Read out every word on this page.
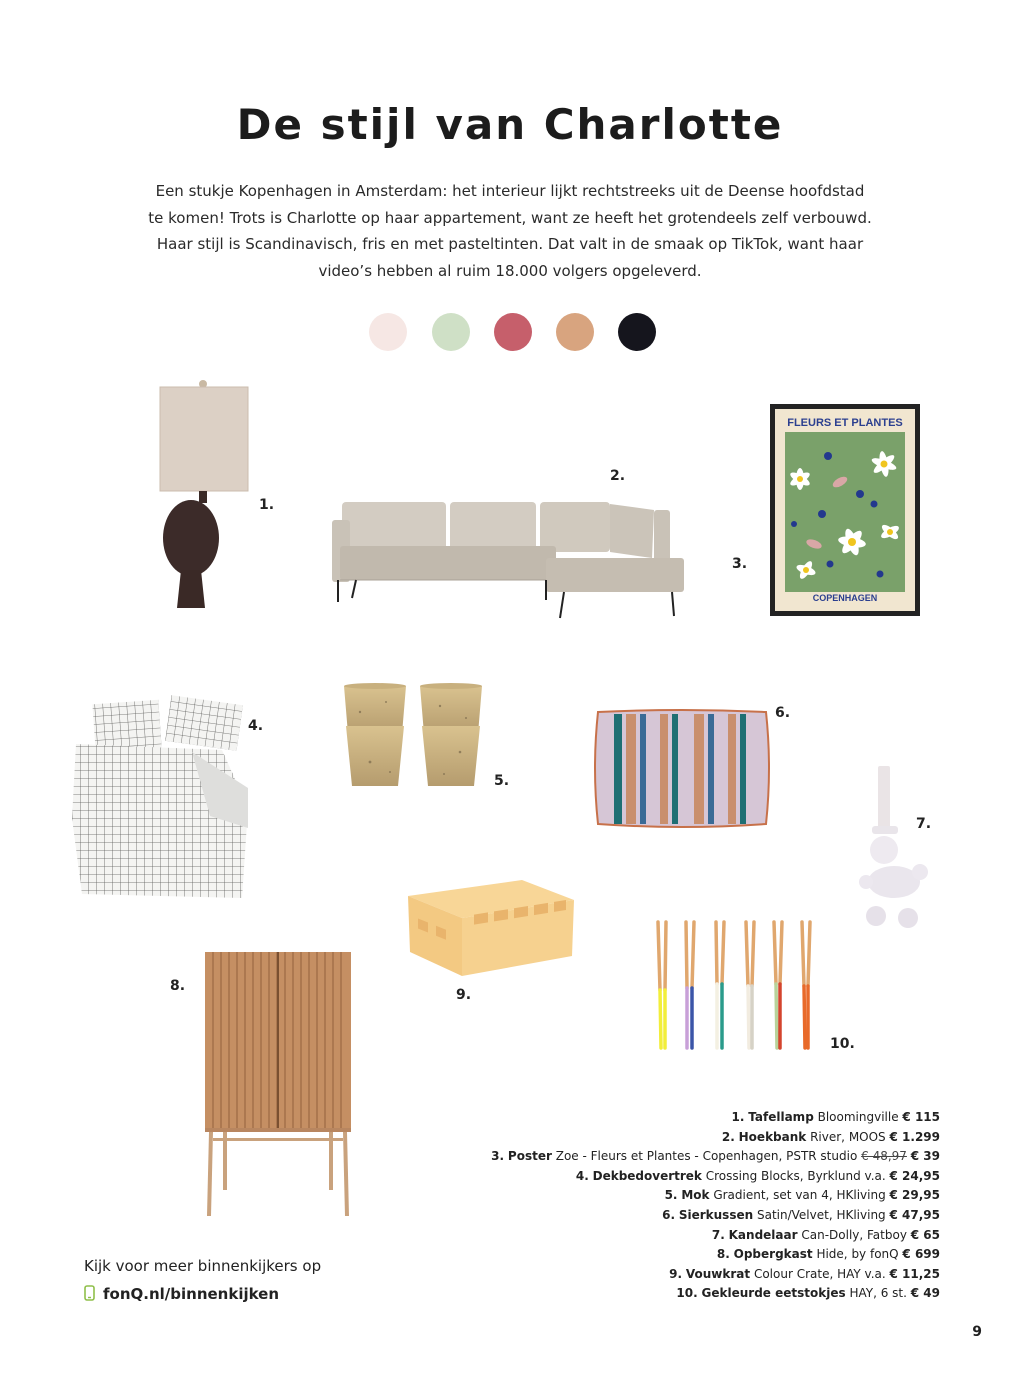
De stijl van Charlotte
Een stukje Kopenhagen in Amsterdam: het interieur lijkt rechtstreeks uit de Deense hoofdstad
te komen! Trots is Charlotte op haar appartement, want ze heeft het grotendeels zelf verbouwd.
Haar stijl is Scandinavisch, fris en met pasteltinten. Dat valt in de smaak op TikTok, want haar
video’s hebben al ruim 18.000 volgers opgeleverd.
1.
2.
FLEURS ET PLANTES
COPENHAGEN
3.
4.
5.
6.
7.
8.
9.
10.
1. Tafellamp Bloomingville € 115
2. Hoekbank River, MOOS € 1.299
3. Poster Zoe - Fleurs et Plantes - Copenhagen, PSTR studio € 48,97 € 39
4. Dekbedovertrek Crossing Blocks, Byrklund v.a. € 24,95
5. Mok Gradient, set van 4, HKliving € 29,95
6. Sierkussen Satin/Velvet, HKliving € 47,95
7. Kandelaar Can-Dolly, Fatboy € 65
8. Opbergkast Hide, by fonQ € 699
9. Vouwkrat Colour Crate, HAY v.a. € 11,25
10. Gekleurde eetstokjes HAY, 6 st. € 49
Kijk voor meer binnenkijkers op
fonQ.nl/binnenkijken
9
